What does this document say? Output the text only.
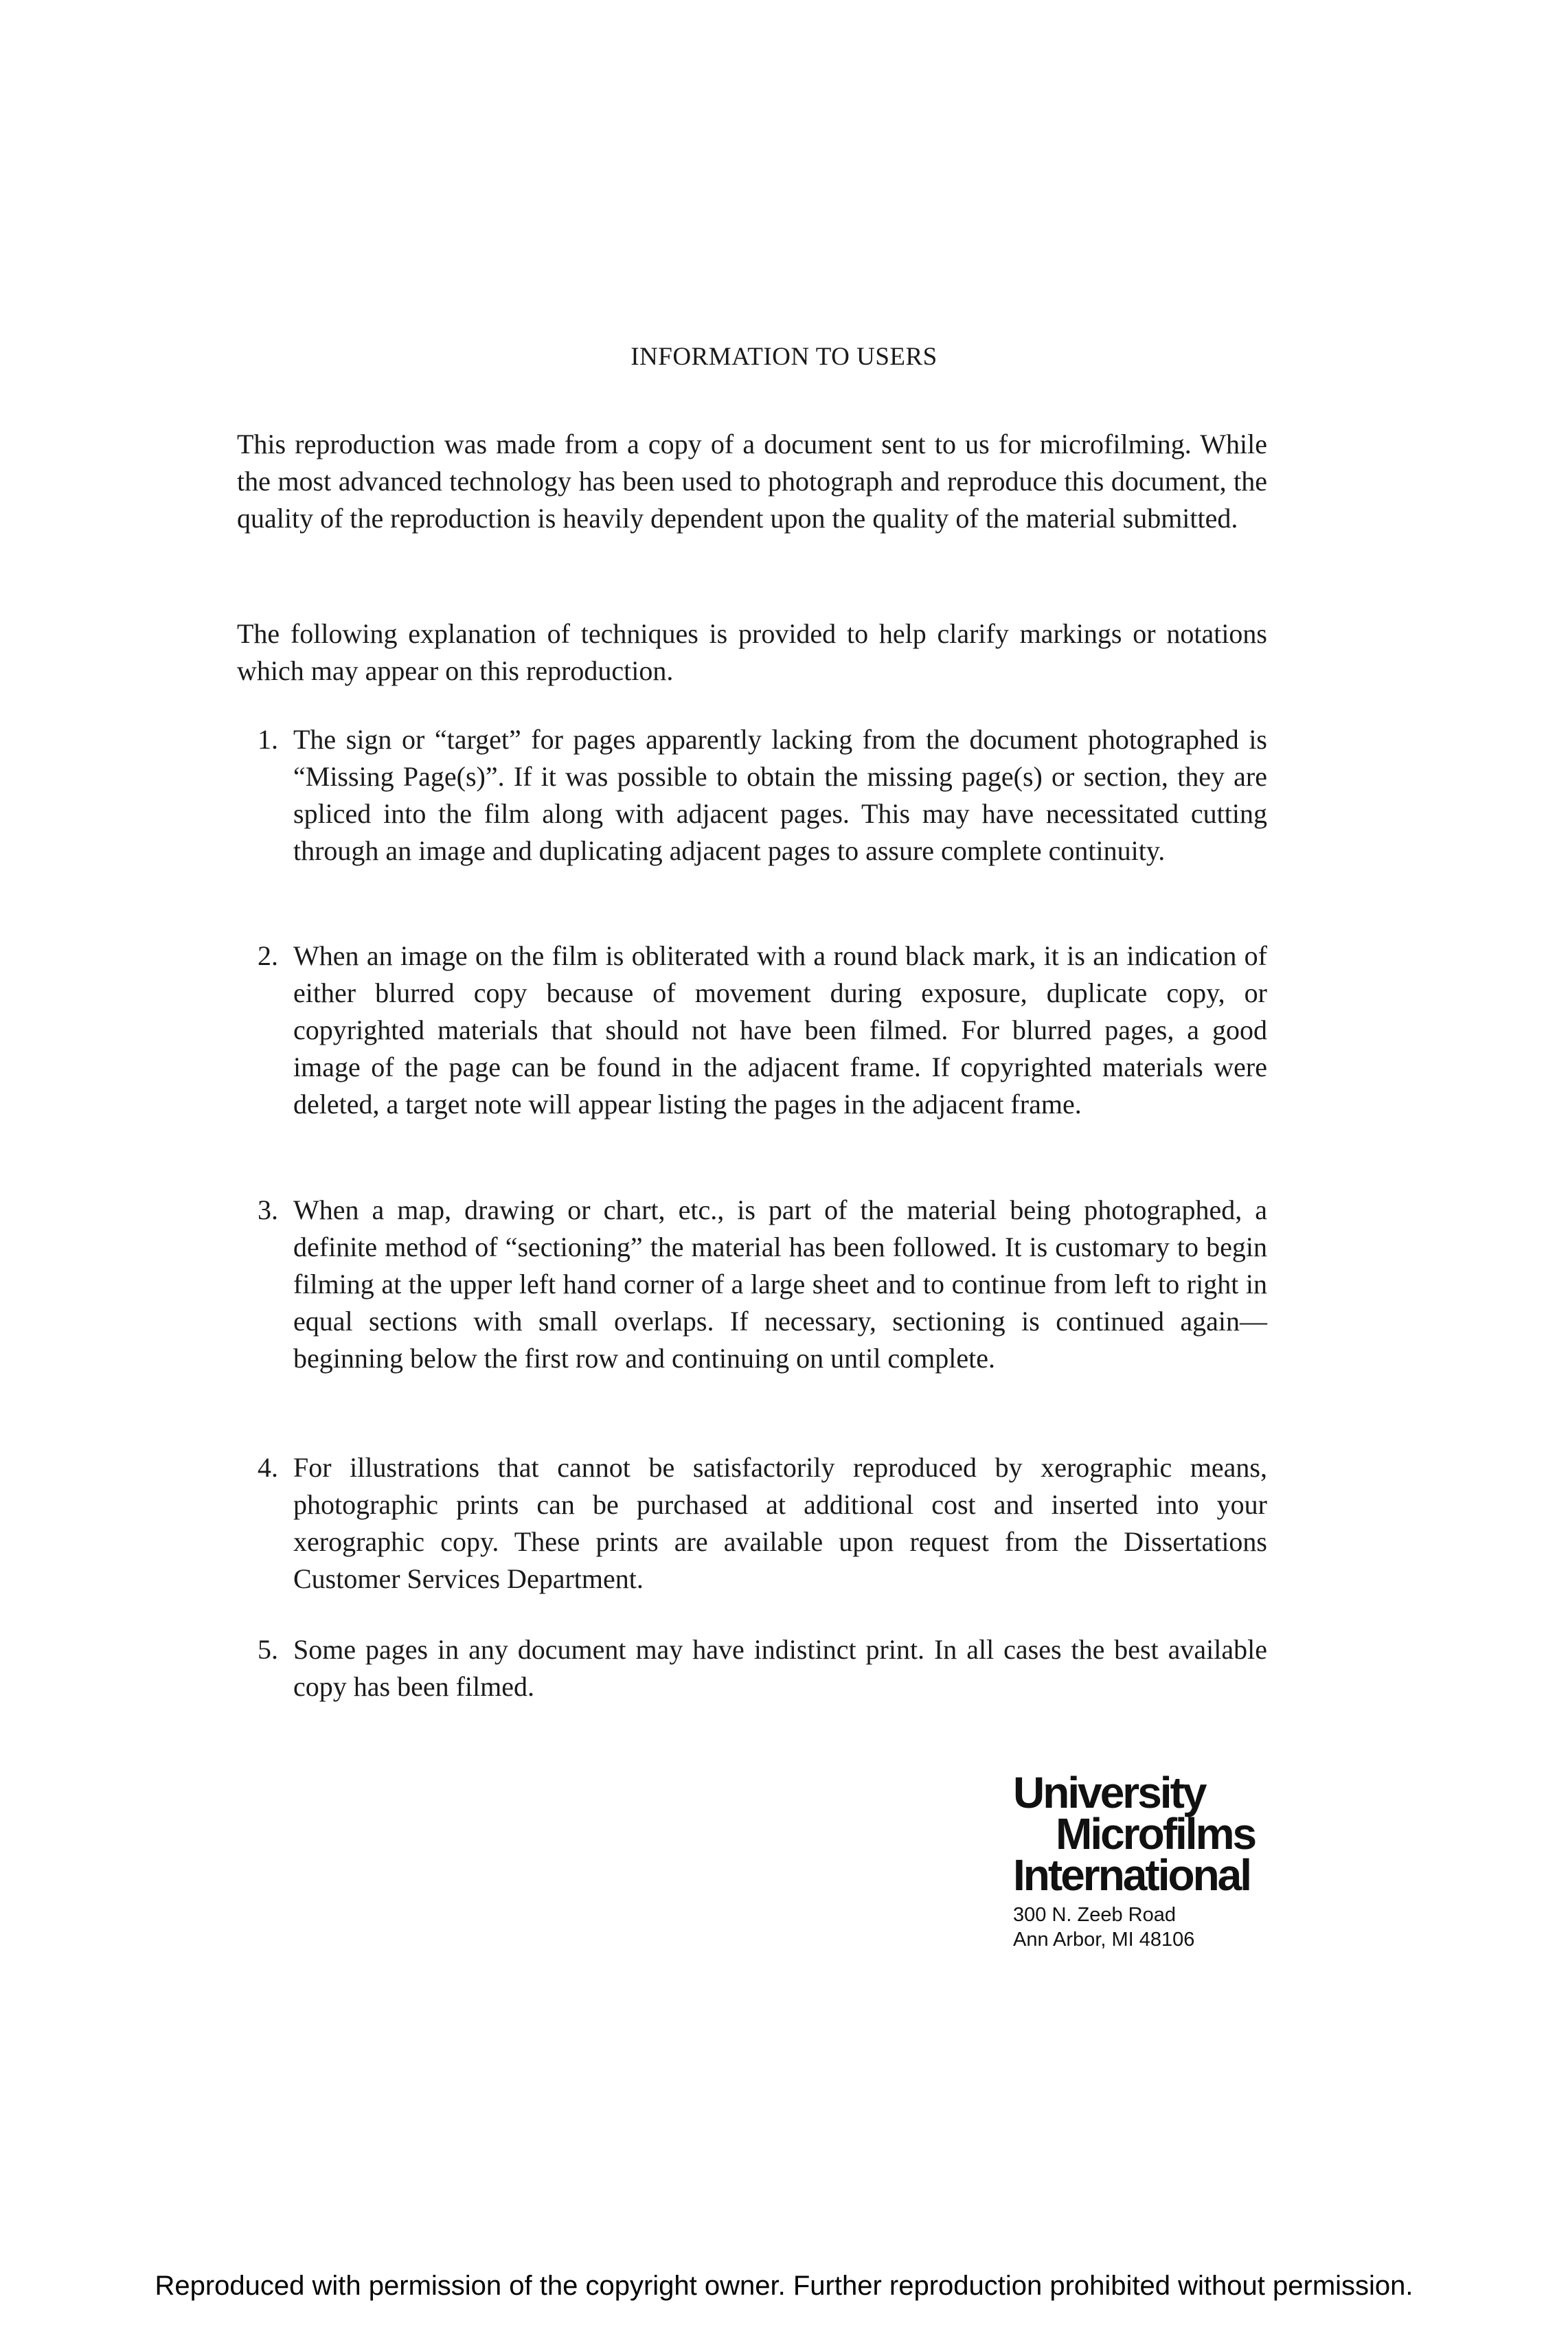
INFORMATION TO USERS
This reproduction was made from a copy of a document sent to us for microfilming. While the most advanced technology has been used to photograph and reproduce this document, the quality of the reproduction is heavily dependent upon the quality of the material submitted.
The following explanation of techniques is provided to help clarify markings or notations which may appear on this reproduction.
1. The sign or “target” for pages apparently lacking from the document photographed is “Missing Page(s)”. If it was possible to obtain the missing page(s) or section, they are spliced into the film along with adjacent pages. This may have necessitated cutting through an image and duplicating adjacent pages to assure complete continuity.
2. When an image on the film is obliterated with a round black mark, it is an indication of either blurred copy because of movement during exposure, duplicate copy, or copyrighted materials that should not have been filmed. For blurred pages, a good image of the page can be found in the adjacent frame. If copyrighted materials were deleted, a target note will appear listing the pages in the adjacent frame.
3. When a map, drawing or chart, etc., is part of the material being photographed, a definite method of “sectioning” the material has been followed. It is customary to begin filming at the upper left hand corner of a large sheet and to continue from left to right in equal sections with small overlaps. If necessary, sectioning is continued again—beginning below the first row and continuing on until complete.
4. For illustrations that cannot be satisfactorily reproduced by xerographic means, photographic prints can be purchased at additional cost and inserted into your xerographic copy. These prints are available upon request from the Dissertations Customer Services Department.
5. Some pages in any document may have indistinct print. In all cases the best available copy has been filmed.
University
Microfilms
International
300 N. Zeeb Road
Ann Arbor, MI 48106
Reproduced with permission of the copyright owner. Further reproduction prohibited without permission.
